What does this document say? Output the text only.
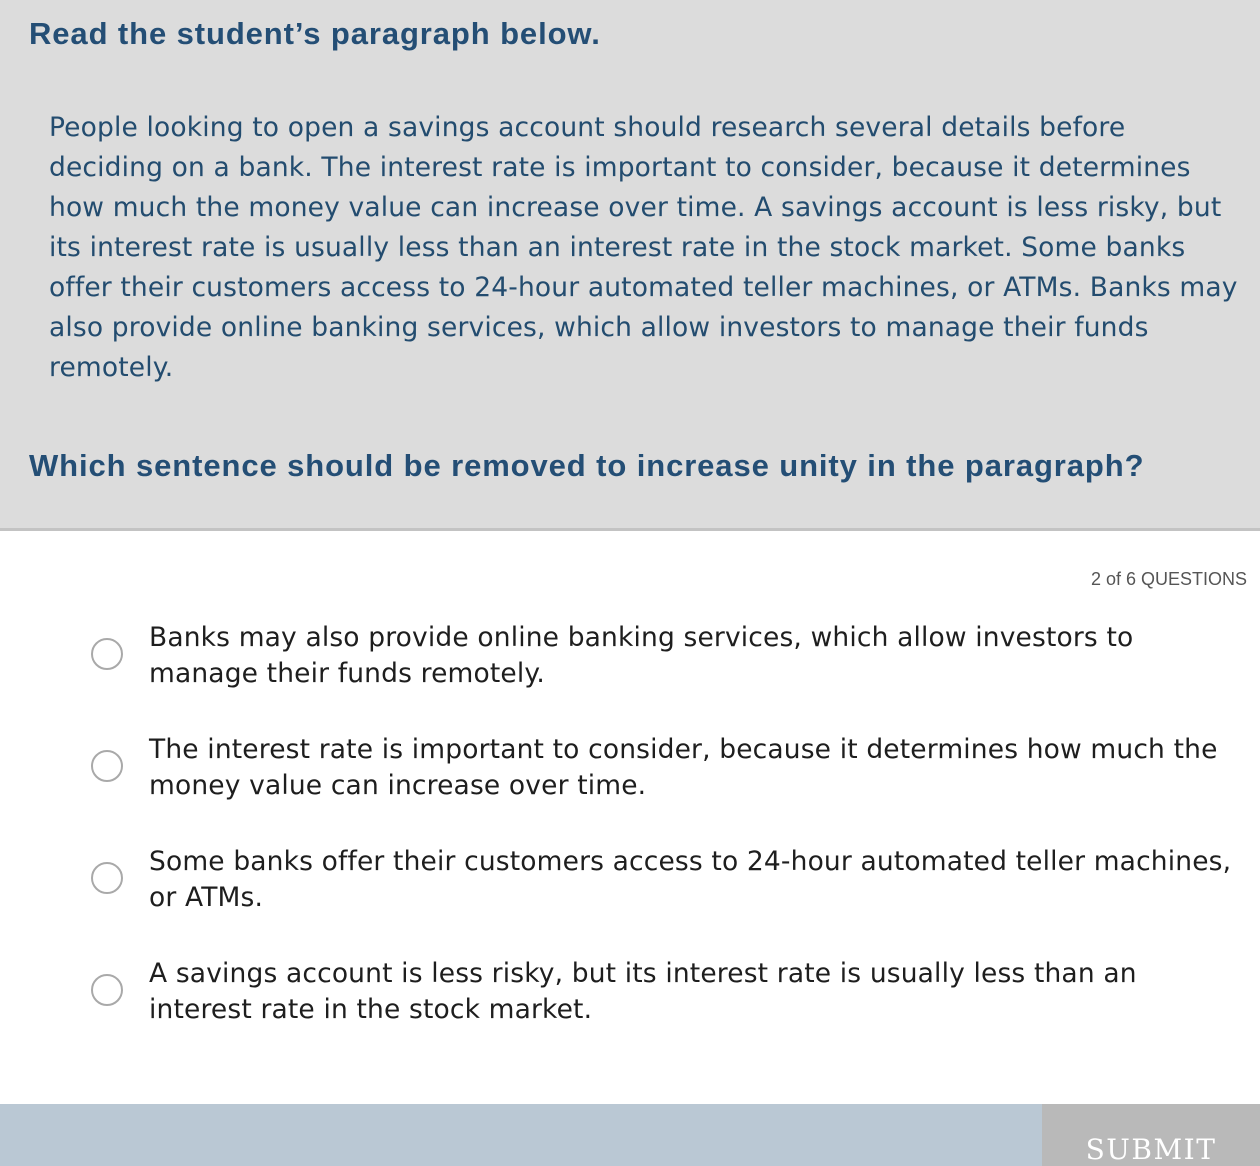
Read the student’s paragraph below.

People looking to open a savings account should research several details before deciding on a bank. The interest rate is important to consider, because it determines how much the money value can increase over time. A savings account is less risky, but its interest rate is usually less than an interest rate in the stock market. Some banks offer their customers access to 24-hour automated teller machines, or ATMs. Banks may also provide online banking services, which allow investors to manage their funds remotely.

Which sentence should be removed to increase unity in the paragraph?
2 of 6 QUESTIONS
Banks may also provide online banking services, which allow investors to manage their funds remotely.
The interest rate is important to consider, because it determines how much the money value can increase over time.
Some banks offer their customers access to 24-hour automated teller machines, or ATMs.
A savings account is less risky, but its interest rate is usually less than an interest rate in the stock market.
SUBMIT
